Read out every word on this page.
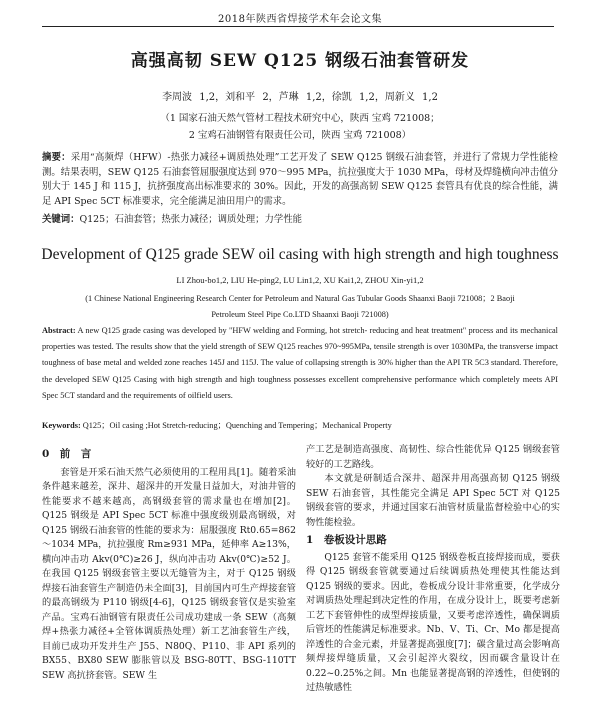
2018年陕西省焊接学术年会论文集
高强高韧 SEW Q125 钢级石油套管研发
李周波 1,2，刘和平 2，芦琳 1,2，徐凯 1,2，周新义 1,2
（1 国家石油天然气管材工程技术研究中心，陕西 宝鸡 721008；
2 宝鸡石油钢管有限责任公司，陕西 宝鸡 721008）
摘要：采用“高频焊（HFW）-热张力减径+调质热处理”工艺开发了 SEW Q125 钢级石油套管，并进行了常规力学性能检测。结果表明，SEW Q125 石油套管屈服强度达到 970～995 MPa，抗拉强度大于 1030 MPa，母材及焊缝横向冲击值分别大于 145 J 和 115 J，抗挤强度高出标准要求的 30%。因此，开发的高强高韧 SEW Q125 套管具有优良的综合性能，满足 API Spec 5CT 标准要求，完全能满足油田用户的需求。
关键词：Q125；石油套管；热张力减径；调质处理；力学性能
Development of Q125 grade SEW oil casing with high strength and high toughness
LI Zhou-bo1,2, LIU He-ping2, LU Lin1,2, XU Kai1,2, ZHOU Xin-yi1,2
(1 Chinese National Engineering Research Center for Petroleum and Natural Gas Tubular Goods Shaanxi Baoji 721008；2 Baoji
Petroleum Steel Pipe Co.LTD Shaanxi Baoji 721008)
Abstract: A new Q125 grade casing was developed by "HFW welding and Forming, hot stretch- reducing and heat treatment" process and its mechanical properties was tested. The results show that the yield strength of SEW Q125 reaches 970~995MPa, tensile strength is over 1030MPa, the transverse impact toughness of base metal and welded zone reaches 145J and 115J. The value of collapsing strength is 30% higher than the API TR 5C3 standard. Therefore, the developed SEW Q125 Casing with high strength and high toughness possesses excellent comprehensive performance which completely meets API Spec 5CT standard and the requirements of oilfield users.
Keywords: Q125；Oil casing ;Hot Stretch-reducing；Quenching and Tempering；Mechanical Property
0　前　言

套管是开采石油天然气必须使用的工程用具[1]。随着采油条件越来越差，深井、超深井的开发量日益加大，对油井管的性能要求不越来越高，高钢级套管的需求量也在增加[2]。Q125 钢级是 API Spec 5CT 标准中强度级别最高钢级，对 Q125 钢级石油套管的性能的要求为：屈服强度 Rt0.65=862～1034 MPa，抗拉强度 Rm≥931 MPa，延伸率 A≥13%，横向冲击功 Akv(0℃)≥26 J，纵向冲击功 Akv(0℃)≥52 J。在我国 Q125 钢级套管主要以无缝管为主，对于 Q125 钢级焊接石油套管生产制造仍未全面[3]，目前国内可生产焊接套管的最高钢级为 P110 钢级[4-6]，Q125 钢级套管仅是实验室产品。宝鸡石油钢管有限责任公司成功建成一条 SEW（高频焊+热张力减径+全管体调质热处理）新工艺油套管生产线，目前已成功开发并生产 J55、N80Q、P110、非 API 系列的 BX55、BX80 SEW 膨胀管以及 BSG-80TT、BSG-110TT SEW 高抗挤套管。SEW 生

产工艺是制造高强度、高韧性、综合性能优异 Q125 钢级套管较好的工艺路线。

本文就是研制适合深井、超深井用高强高韧 Q125 钢级 SEW 石油套管，其性能完全满足 API Spec 5CT 对 Q125 钢级套管的要求，并通过国家石油管材质量监督检验中心的实物性能检验。

1　卷板设计思路

Q125 套管不能采用 Q125 钢级卷板直接焊接而成，要获得 Q125 钢级套管就要通过后续调质热处理使其性能达到 Q125 钢级的要求。因此，卷板成分设计非常重要，化学成分对调质热处理起到决定性的作用，在成分设计上，既要考虑新工艺下套管伸性的成型焊接质量，又要考虑淬透性，确保调质后管坯的性能满足标准要求。Nb、V、Ti、Cr、Mo 都是提高淬透性的合金元素，并显著提高强度[7]；碳含量过高会影响高频焊接焊缝质量，又会引起淬火裂纹，因而碳含量设计在 0.22~0.25%之间。Mn 也能显著提高钢的淬透性，但使钢的过热敏感性
